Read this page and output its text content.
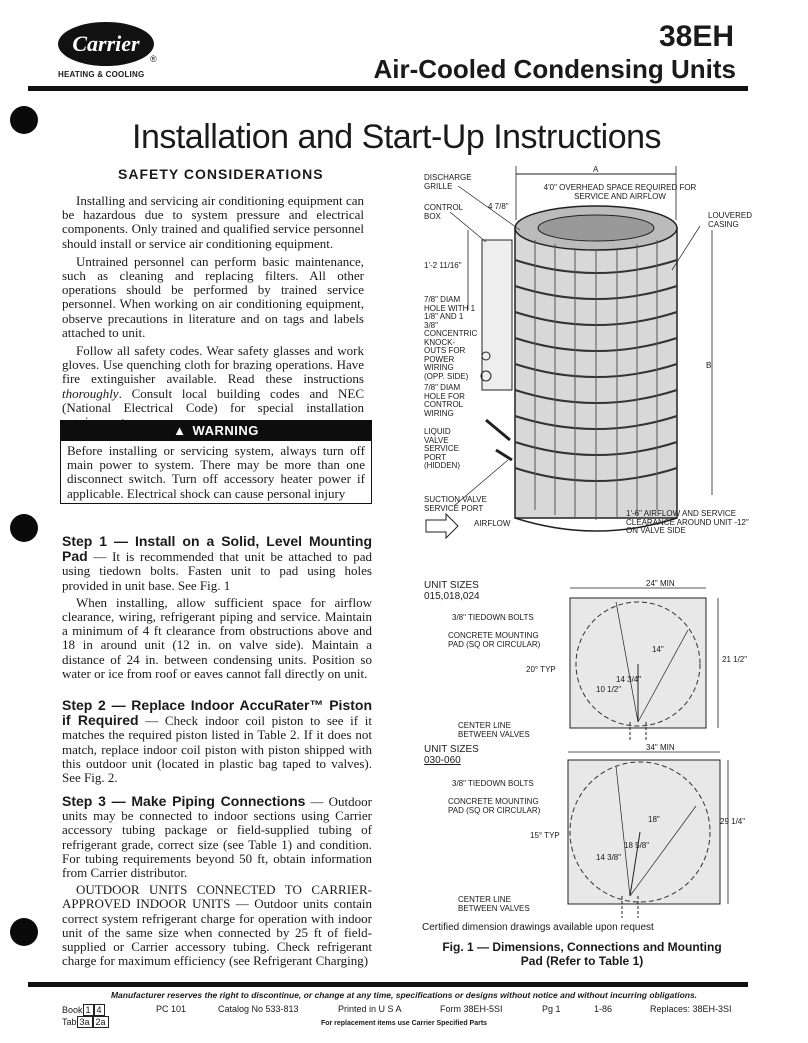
Carrier
®
HEATING & COOLING
38EH
Air-Cooled Condensing Units
Installation and Start-Up Instructions
SAFETY CONSIDERATIONS

Installing and servicing air conditioning equipment can be hazardous due to system pressure and electrical components. Only trained and qualified service personnel should install or service air conditioning equipment.

Untrained personnel can perform basic maintenance, such as cleaning and replacing filters. All other operations should be performed by trained service personnel. When working on air conditioning equipment, observe precautions in literature and on tags and labels attached to unit.

Follow all safety codes. Wear safety glasses and work gloves. Use quenching cloth for brazing operations. Have fire extinguisher available. Read these instructions thoroughly. Consult local building codes and NEC (National Electrical Code) for special installation

▲ WARNING
Before installing or servicing system, always turn off main power to system. There may be more than one disconnect switch. Turn off accessory heater power if applicable. Electrical shock can cause personal injury

Step 1 — Install on a Solid, Level Mounting Pad — It is recommended that unit be attached to pad using tiedown bolts. Fasten unit to pad using holes provided in unit base. See Fig. 1

When installing, allow sufficient space for airflow clearance, wiring, refrigerant piping and service. Maintain a minimum of 4 ft clearance from obstructions above and 18 in around unit (12 in. on valve side). Maintain a distance of 24 in. between condensing units. Position so water or ice from roof or eaves cannot fall directly on unit.

Step 2 — Replace Indoor AccuRater™ Piston if Required — Check indoor coil piston to see if it matches the required piston listed in Table 2. If it does not match, replace indoor coil piston with piston shipped with this outdoor unit (located in plastic bag taped to valves). See Fig. 2.

Step 3 — Make Piping Connections — Outdoor units may be connected to indoor sections using Carrier accessory tubing package or field-supplied tubing of refrigerant grade, correct size (see Table 1) and condition. For tubing requirements beyond 50 ft, obtain information from Carrier distributor.

OUTDOOR UNITS CONNECTED TO CARRIER-APPROVED INDOOR UNITS — Outdoor units contain correct system refrigerant charge for operation with indoor unit of the same size when connected by 25 ft of field-supplied or Carrier accessory tubing. Check refrigerant charge for maximum efficiency (see Refrigerant Charging)

DISCHARGE GRILLE
CONTROL BOX
A
4'0" OVERHEAD SPACE REQUIRED FOR SERVICE AND AIRFLOW
4 7/8"
LOUVERED CASING
1'-2 11/16"
7/8" DIAM HOLE WITH 1 1/8" AND 1 3/8" CONCENTRIC KNOCK-OUTS FOR POWER WIRING (OPP. SIDE)
7/8" DIAM HOLE FOR CONTROL WIRING
B
LIQUID VALVE SERVICE PORT (HIDDEN)
SUCTION VALVE SERVICE PORT
AIRFLOW
1'-6" AIRFLOW AND SERVICE CLEARANCE AROUND UNIT -12" ON VALVE SIDE
UNIT SIZES
015,018,024
24" MIN
3/8" TIEDOWN BOLTS
CONCRETE MOUNTING PAD (SQ OR CIRCULAR)
14"
20° TYP
14 3/4"
10 1/2"
21 1/2"
CENTER LINE BETWEEN VALVES
UNIT SIZES
030-060
34" MIN
3/8" TIEDOWN BOLTS
CONCRETE MOUNTING PAD (SQ OR CIRCULAR)
18"
15° TYP
18 5/8"
14 3/8"
29 1/4"
CENTER LINE BETWEEN VALVES
Certified dimension drawings available upon request
Fig. 1 — Dimensions, Connections and Mounting Pad (Refer to Table 1)
Manufacturer reserves the right to discontinue, or change at any time, specifications or designs without notice and without incurring obligations.
Book 1 4
Tab 3a 2a
PC 101	Catalog No 533-813	Printed in U S A	Form 38EH-5SI	Pg 1	1-86	Replaces: 38EH-3SI
For replacement items use Carrier Specified Parts
